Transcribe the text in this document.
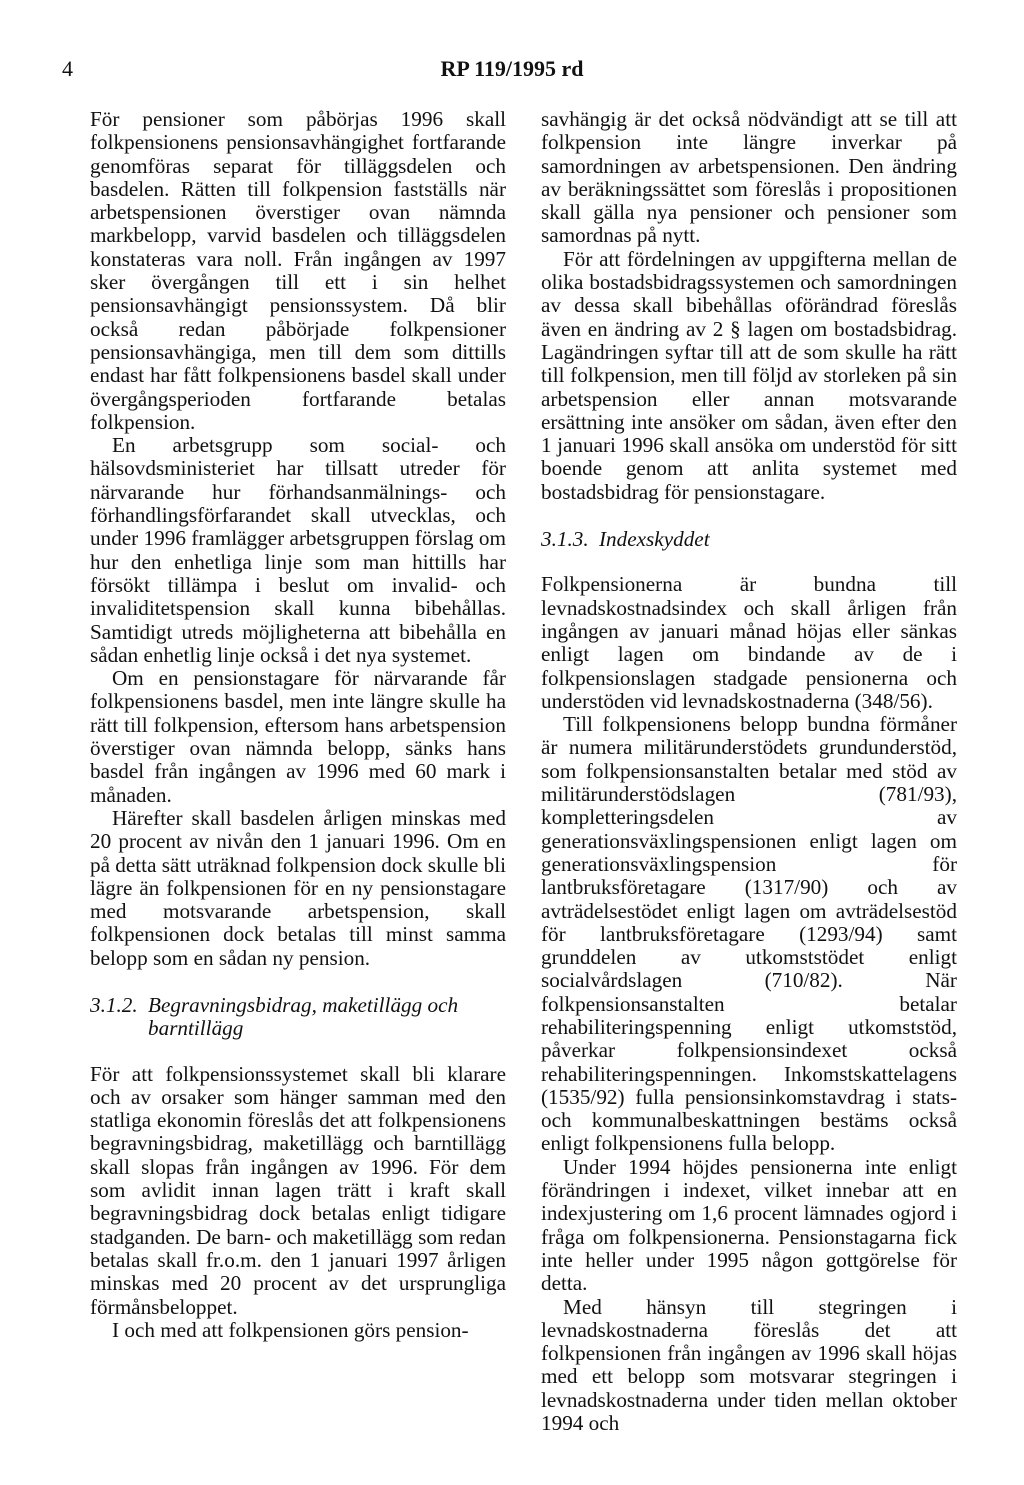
4	RP 119/1995 rd

För pensioner som påbörjas 1996 skall folkpensionens pensionsavhängighet fortfarande genomföras separat för tilläggsdelen och basdelen. Rätten till folkpension fastställs när arbetspensionen överstiger ovan nämnda markbelopp, varvid basdelen och tilläggsdelen konstateras vara noll. Från ingången av 1997 sker övergången till ett i sin helhet pensionsavhängigt pensionssystem. Då blir också redan påbörjade folkpensioner pensionsavhängiga, men till dem som dittills endast har fått folkpensionens basdel skall under övergångsperioden fortfarande betalas folkpension.

En arbetsgrupp som social- och hälsovdsministeriet har tillsatt utreder för närvarande hur förhandsanmälnings- och förhandlingsförfarandet skall utvecklas, och under 1996 framlägger arbetsgruppen förslag om hur den enhetliga linje som man hittills har försökt tillämpa i beslut om invalid- och invaliditetspension skall kunna bibehållas. Samtidigt utreds möjligheterna att bibehålla en sådan enhetlig linje också i det nya systemet.

Om en pensionstagare för närvarande får folkpensionens basdel, men inte längre skulle ha rätt till folkpension, eftersom hans arbetspension överstiger ovan nämnda belopp, sänks hans basdel från ingången av 1996 med 60 mark i månaden.

Härefter skall basdelen årligen minskas med 20 procent av nivån den 1 januari 1996. Om en på detta sätt uträknad folkpension dock skulle bli lägre än folkpensionen för en ny pensionstagare med motsvarande arbetspension, skall folkpensionen dock betalas till minst samma belopp som en sådan ny pension.

3.1.2. Begravningsbidrag, maketillägg och barntillägg

För att folkpensionssystemet skall bli klarare och av orsaker som hänger samman med den statliga ekonomin föreslås det att folkpensionens begravningsbidrag, maketillägg och barntillägg skall slopas från ingången av 1996. För dem som avlidit innan lagen trätt i kraft skall begravningsbidrag dock betalas enligt tidigare stadganden. De barn- och maketillägg som redan betalas skall fr.o.m. den 1 januari 1997 årligen minskas med 20 procent av det ursprungliga förmånsbeloppet.

I och med att folkpensionen görs pension-

savhängig är det också nödvändigt att se till att folkpension inte längre inverkar på samordningen av arbetspensionen. Den ändring av beräkningssättet som föreslås i propositionen skall gälla nya pensioner och pensioner som samordnas på nytt.

För att fördelningen av uppgifterna mellan de olika bostadsbidragssystemen och samordningen av dessa skall bibehållas oförändrad föreslås även en ändring av 2 § lagen om bostadsbidrag. Lagändringen syftar till att de som skulle ha rätt till folkpension, men till följd av storleken på sin arbetspension eller annan motsvarande ersättning inte ansöker om sådan, även efter den 1 januari 1996 skall ansöka om understöd för sitt boende genom att anlita systemet med bostadsbidrag för pensionstagare.

3.1.3. Indexskyddet

Folkpensionerna är bundna till levnadskostnadsindex och skall årligen från ingången av januari månad höjas eller sänkas enligt lagen om bindande av de i folkpensionslagen stadgade pensionerna och understöden vid levnadskostnaderna (348/56).

Till folkpensionens belopp bundna förmåner är numera militärunderstödets grundunderstöd, som folkpensionsanstalten betalar med stöd av militärunderstödslagen (781/93), kompletteringsdelen av generationsväxlingspensionen enligt lagen om generationsväxlingspension för lantbruksföretagare (1317/90) och av avträdelsestödet enligt lagen om avträdelsestöd för lantbruksföretagare (1293/94) samt grunddelen av utkomststödet enligt socialvårdslagen (710/82). När folkpensionsanstalten betalar rehabiliteringspenning enligt utkomststöd, påverkar folkpensionsindexet också rehabiliteringspenningen. Inkomstskattelagens (1535/92) fulla pensionsinkomstavdrag i stats- och kommunalbeskattningen bestäms också enligt folkpensionens fulla belopp.

Under 1994 höjdes pensionerna inte enligt förändringen i indexet, vilket innebar att en indexjustering om 1,6 procent lämnades ogjord i fråga om folkpensionerna. Pensionstagarna fick inte heller under 1995 någon gottgörelse för detta.

Med hänsyn till stegringen i levnadskostnaderna föreslås det att folkpensionen från ingången av 1996 skall höjas med ett belopp som motsvarar stegringen i levnadskostnaderna under tiden mellan oktober 1994 och
